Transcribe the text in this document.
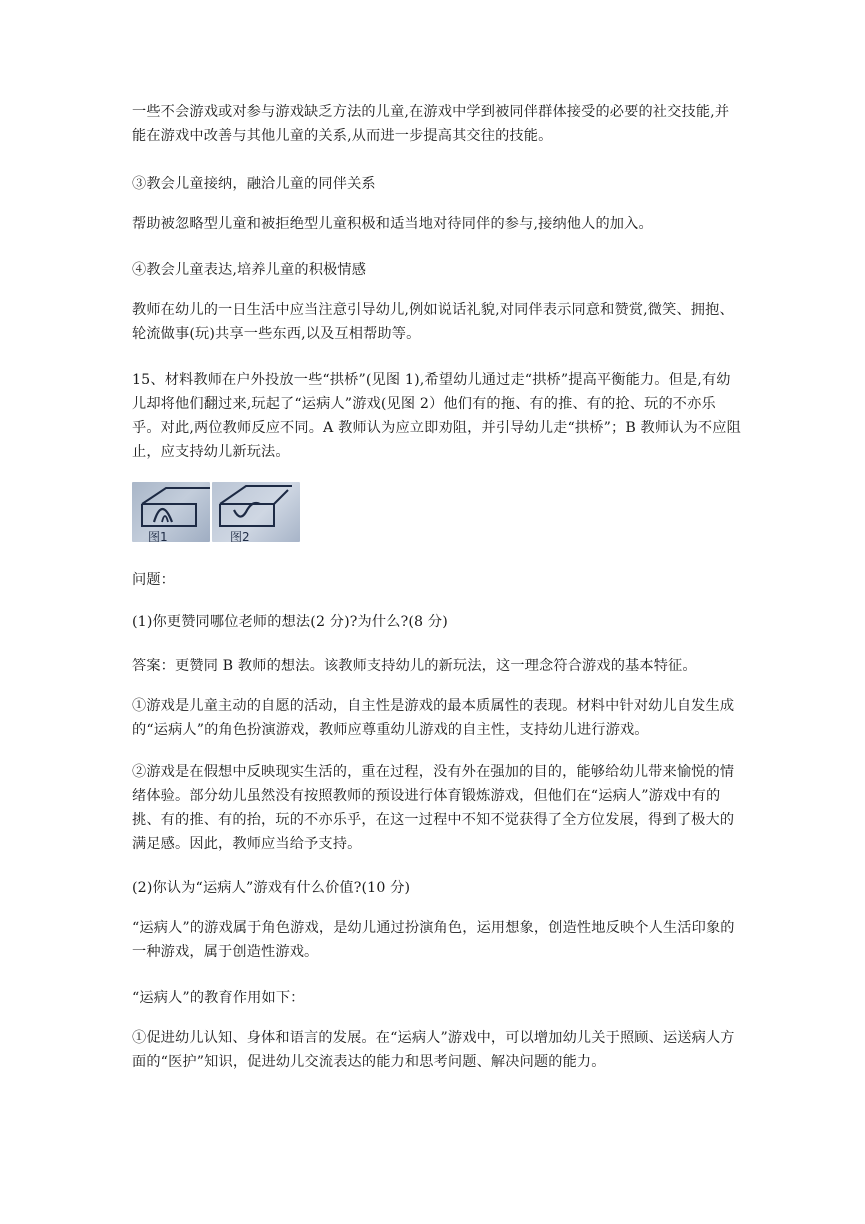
一些不会游戏或对参与游戏缺乏方法的儿童,在游戏中学到被同伴群体接受的必要的社交技能,并能在游戏中改善与其他儿童的关系,从而进一步提高其交往的技能。

③教会儿童接纳，融洽儿童的同伴关系

帮助被忽略型儿童和被拒绝型儿童积极和适当地对待同伴的参与,接纳他人的加入。

④教会儿童表达,培养儿童的积极情感

教师在幼儿的一日生活中应当注意引导幼儿,例如说话礼貌,对同伴表示同意和赞赏,微笑、拥抱、轮流做事(玩)共享一些东西,以及互相帮助等。

15、材料教师在户外投放一些“拱桥”(见图 1),希望幼儿通过走“拱桥”提高平衡能力。但是,有幼儿却将他们翻过来,玩起了“运病人”游戏(见图 2）他们有的拖、有的推、有的抢、玩的不亦乐乎。对此,两位教师反应不同。A 教师认为应立即劝阻，并引导幼儿走“拱桥”；B 教师认为不应阻止，应支持幼儿新玩法。

图1	图2

问题：

(1)你更赞同哪位老师的想法(2 分)?为什么?(8 分)

答案：更赞同 B 教师的想法。该教师支持幼儿的新玩法，这一理念符合游戏的基本特征。

①游戏是儿童主动的自愿的活动，自主性是游戏的最本质属性的表现。材料中针对幼儿自发生成的“运病人”的角色扮演游戏，教师应尊重幼儿游戏的自主性，支持幼儿进行游戏。

②游戏是在假想中反映现实生活的，重在过程，没有外在强加的目的，能够给幼儿带来愉悦的情绪体验。部分幼儿虽然没有按照教师的预设进行体育锻炼游戏，但他们在“运病人”游戏中有的挑、有的推、有的抬，玩的不亦乐乎，在这一过程中不知不觉获得了全方位发展，得到了极大的满足感。因此，教师应当给予支持。

(2)你认为“运病人”游戏有什么价值?(10 分)

“运病人”的游戏属于角色游戏，是幼儿通过扮演角色，运用想象，创造性地反映个人生活印象的一种游戏，属于创造性游戏。

“运病人”的教育作用如下：

①促进幼儿认知、身体和语言的发展。在“运病人”游戏中，可以增加幼儿关于照顾、运送病人方面的“医护”知识，促进幼儿交流表达的能力和思考问题、解决问题的能力。
